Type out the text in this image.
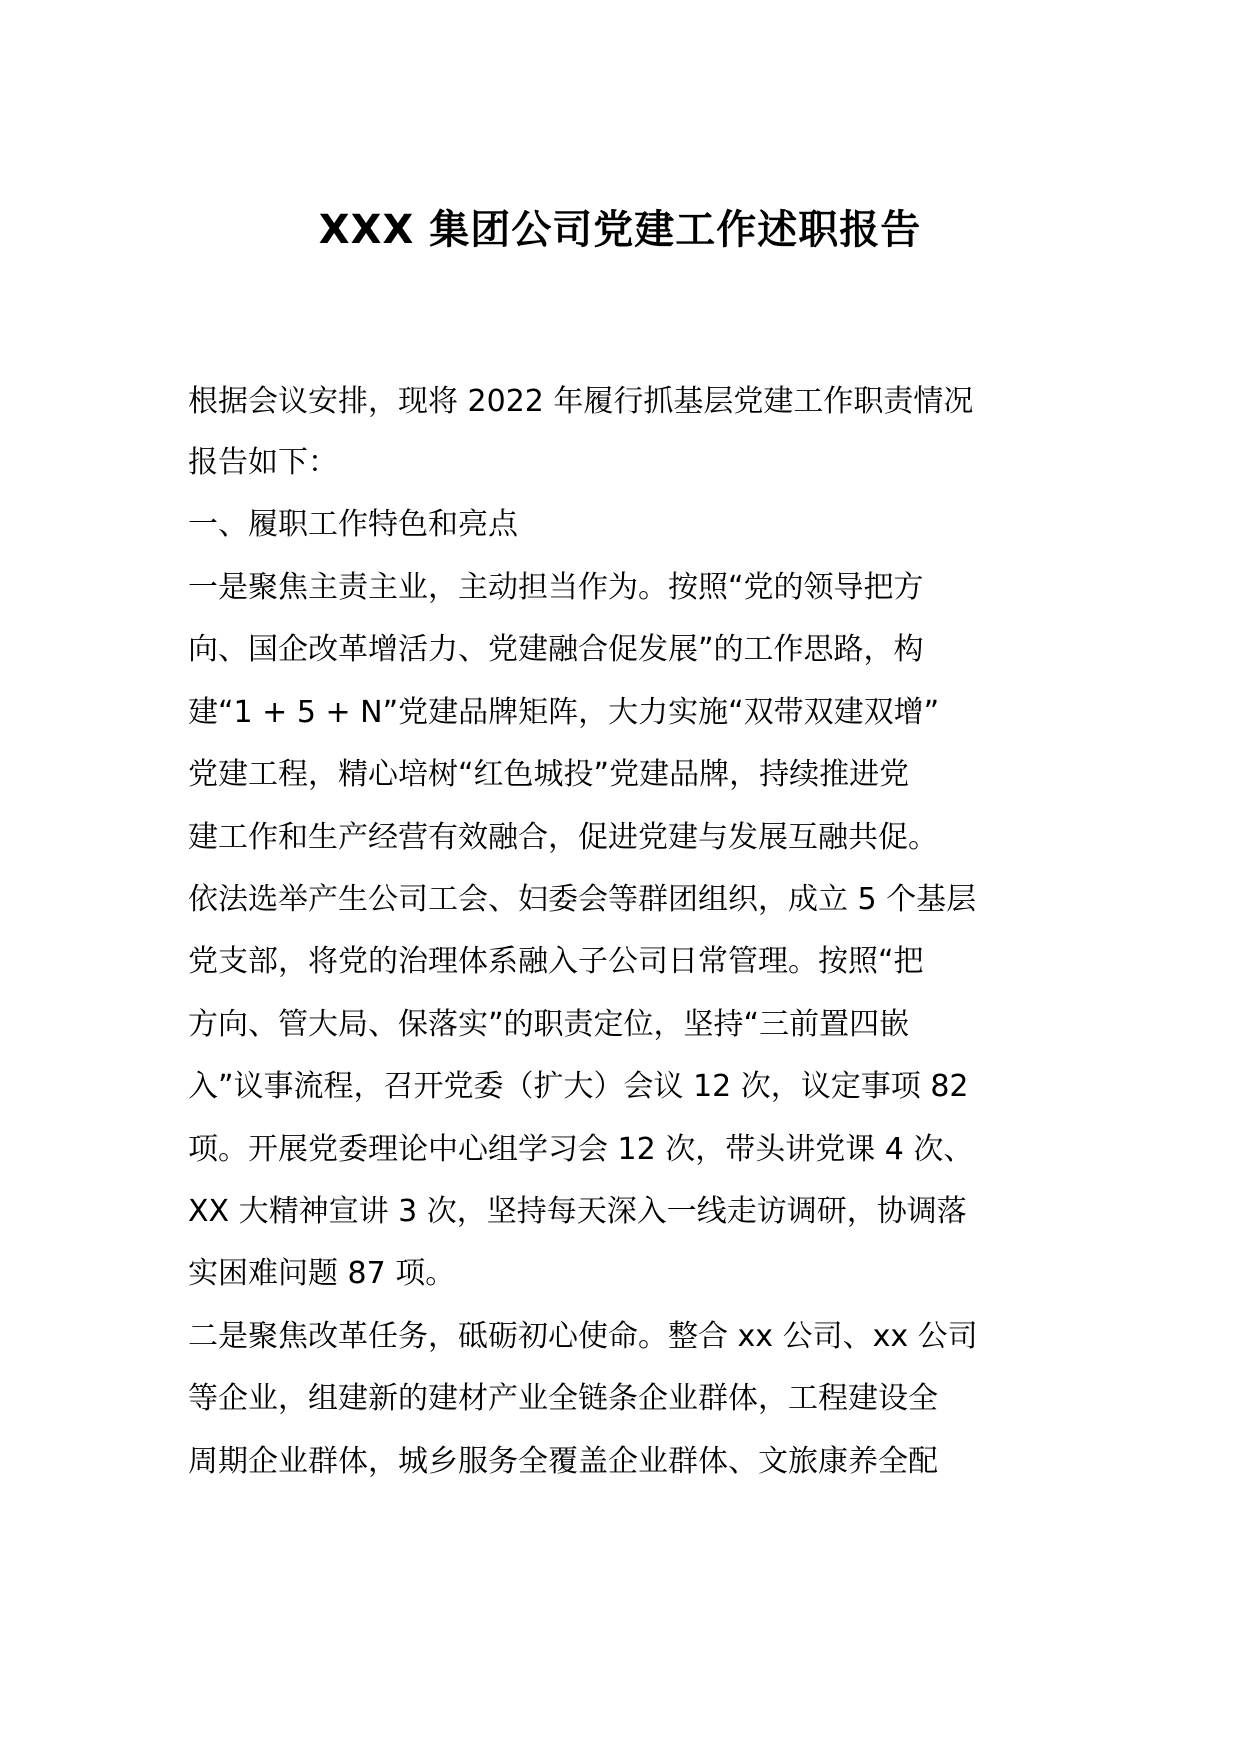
XXX 集团公司党建工作述职报告

根据会议安排，现将 2022 年履行抓基层党建工作职责情况

报告如下：

一、履职工作特色和亮点

一是聚焦主责主业，主动担当作为。按照“党的领导把方

向、国企改革增活力、党建融合促发展”的工作思路，构

建“1 + 5 + N”党建品牌矩阵，大力实施“双带双建双增”

党建工程，精心培树“红色城投”党建品牌，持续推进党

建工作和生产经营有效融合，促进党建与发展互融共促。

依法选举产生公司工会、妇委会等群团组织，成立 5 个基层

党支部，将党的治理体系融入子公司日常管理。按照“把

方向、管大局、保落实”的职责定位，坚持“三前置四嵌

入”议事流程，召开党委（扩大）会议 12 次，议定事项 82

项。开展党委理论中心组学习会 12 次，带头讲党课 4 次、

XX 大精神宣讲 3 次，坚持每天深入一线走访调研，协调落

实困难问题 87 项。

二是聚焦改革任务，砥砺初心使命。整合 xx 公司、xx 公司

等企业，组建新的建材产业全链条企业群体，工程建设全

周期企业群体，城乡服务全覆盖企业群体、文旅康养全配
